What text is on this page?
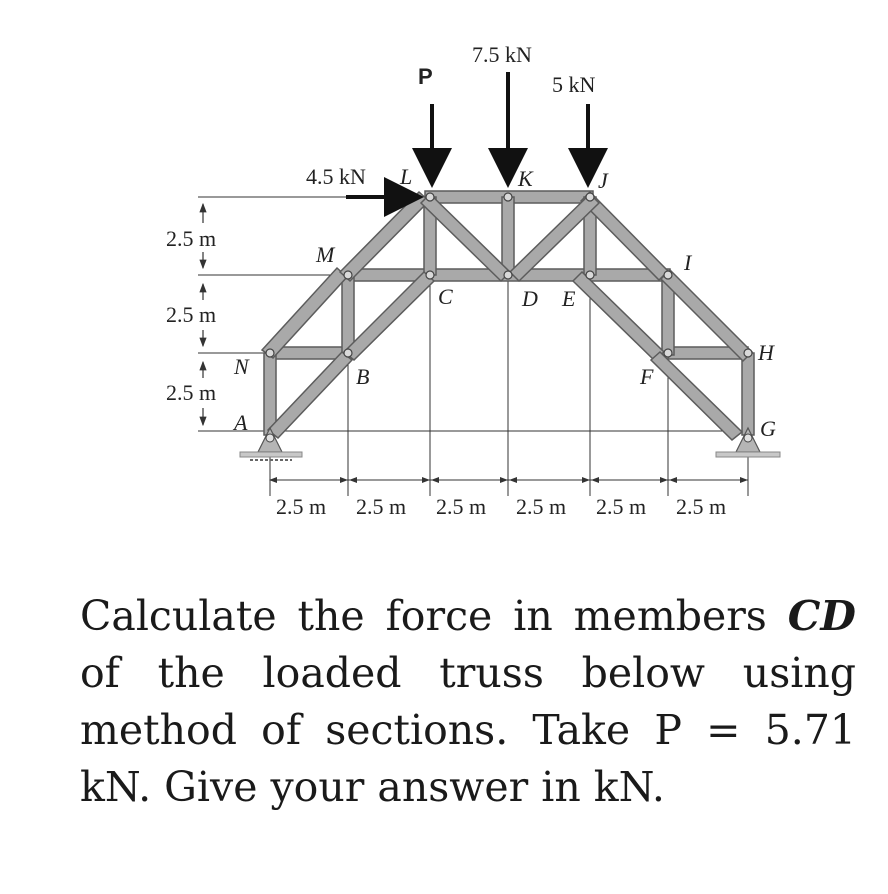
P
7.5 kN
5 kN
4.5 kN
A
B
C	D E
F
G
H
I
J
K
L
M
N
2.5 m
2.5 m
2.5 m
2.5 m 2.5 m 2.5 m 2.5 m 2.5 m 2.5 m
Calculate the force in members CD of the loaded truss below using method of sections. Take P = 5.71 kN. Give your answer in kN.
